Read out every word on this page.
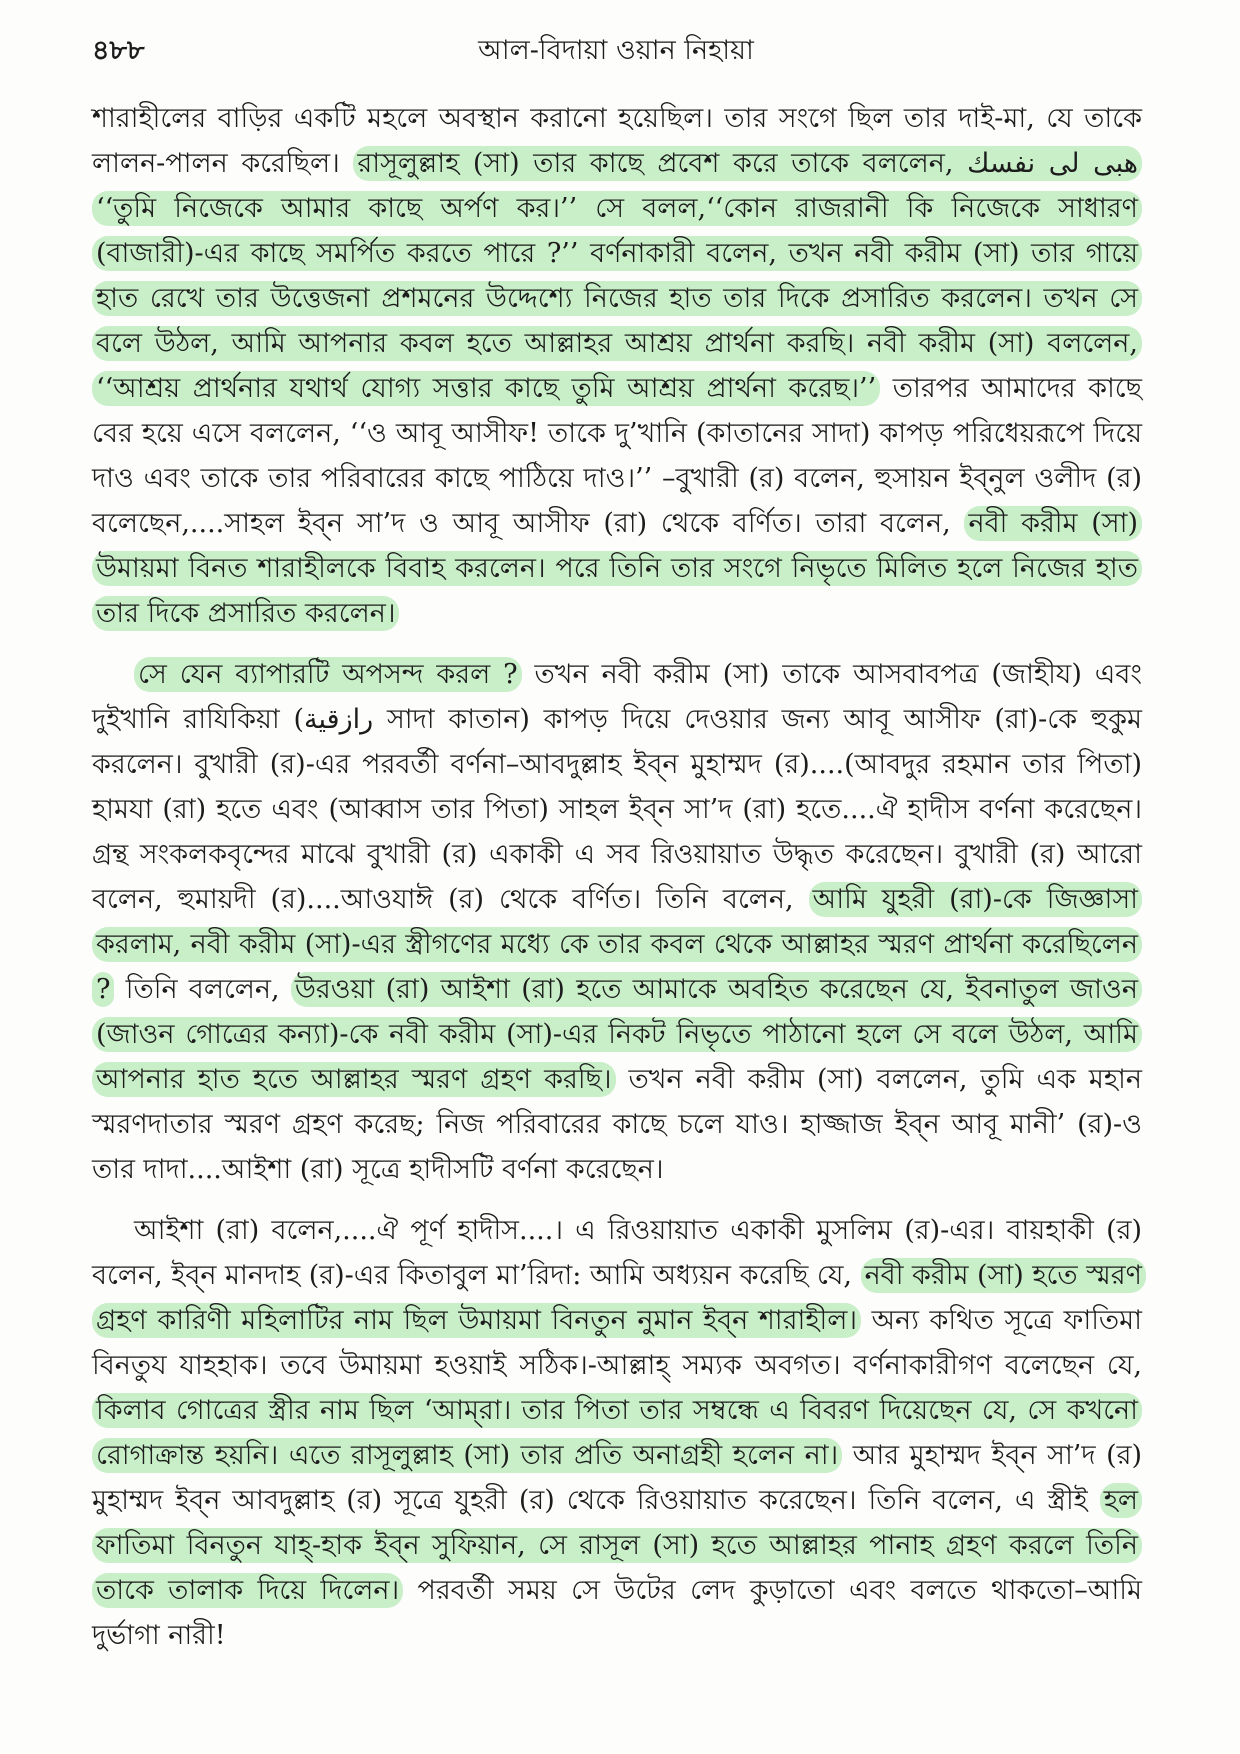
৪৮৮	আল-বিদায়া ওয়ান নিহায়া

শারাহীলের বাড়ির একটি মহলে অবস্থান করানো হয়েছিল। তার সংগে ছিল তার দাই-মা, যে তাকে লালন-পালন করেছিল। রাসূলুল্লাহ (সা) তার কাছে প্রবেশ করে তাকে বললেন, هبى لى نفسك ‘‘তুমি নিজেকে আমার কাছে অর্পণ কর।’’ সে বলল,‘‘কোন রাজরানী কি নিজেকে সাধারণ (বাজারী)-এর কাছে সমর্পিত করতে পারে ?’’ বর্ণনাকারী বলেন, তখন নবী করীম (সা) তার গায়ে হাত রেখে তার উত্তেজনা প্রশমনের উদ্দেশ্যে নিজের হাত তার দিকে প্রসারিত করলেন। তখন সে বলে উঠল, আমি আপনার কবল হতে আল্লাহর আশ্রয় প্রার্থনা করছি। নবী করীম (সা) বললেন, ‘‘আশ্রয় প্রার্থনার যথার্থ যোগ্য সত্তার কাছে তুমি আশ্রয় প্রার্থনা করেছ।’’ তারপর আমাদের কাছে বের হয়ে এসে বললেন, ‘‘ও আবূ আসীফ! তাকে দু’খানি (কাতানের সাদা) কাপড় পরিধেয়রূপে দিয়ে দাও এবং তাকে তার পরিবারের কাছে পাঠিয়ে দাও।’’ –বুখারী (র) বলেন, হুসায়ন ইব্‌নুল ওলীদ (র) বলেছেন,....সাহল ইব্‌ন সা’দ ও আবূ আসীফ (রা) থেকে বর্ণিত। তারা বলেন, নবী করীম (সা) উমায়মা বিনত শারাহীলকে বিবাহ করলেন। পরে তিনি তার সংগে নিভৃতে মিলিত হলে নিজের হাত তার দিকে প্রসারিত করলেন।

সে যেন ব্যাপারটি অপসন্দ করল ? তখন নবী করীম (সা) তাকে আসবাবপত্র (জাহীয) এবং দুইখানি রাযিকিয়া (رازقية সাদা কাতান) কাপড় দিয়ে দেওয়ার জন্য আবূ আসীফ (রা)-কে হুকুম করলেন। বুখারী (র)-এর পরবর্তী বর্ণনা–আবদুল্লাহ ইব্‌ন মুহাম্মদ (র)....(আবদুর রহমান তার পিতা) হামযা (রা) হতে এবং (আব্বাস তার পিতা) সাহল ইব্‌ন সা’দ (রা) হতে....ঐ হাদীস বর্ণনা করেছেন। গ্রন্থ সংকলকবৃন্দের মাঝে বুখারী (র) একাকী এ সব রিওয়ায়াত উদ্ধৃত করেছেন। বুখারী (র) আরো বলেন, হুমায়দী (র)....আওযাঈ (র) থেকে বর্ণিত। তিনি বলেন, আমি যুহরী (রা)-কে জিজ্ঞাসা করলাম, নবী করীম (সা)-এর স্ত্রীগণের মধ্যে কে তার কবল থেকে আল্লাহর স্মরণ প্রার্থনা করেছিলেন ? তিনি বললেন, উরওয়া (রা) আইশা (রা) হতে আমাকে অবহিত করেছেন যে, ইবনাতুল জাওন (জাওন গোত্রের কন্যা)-কে নবী করীম (সা)-এর নিকট নিভৃতে পাঠানো হলে সে বলে উঠল, আমি আপনার হাত হতে আল্লাহর স্মরণ গ্রহণ করছি। তখন নবী করীম (সা) বললেন, তুমি এক মহান স্মরণদাতার স্মরণ গ্রহণ করেছ; নিজ পরিবারের কাছে চলে যাও। হাজ্জাজ ইব্‌ন আবূ মানী’ (র)-ও তার দাদা....আইশা (রা) সূত্রে হাদীসটি বর্ণনা করেছেন।

আইশা (রা) বলেন,....ঐ পূর্ণ হাদীস....। এ রিওয়ায়াত একাকী মুসলিম (র)-এর। বায়হাকী (র) বলেন, ইব্‌ন মানদাহ (র)-এর কিতাবুল মা’রিদা: আমি অধ্যয়ন করেছি যে, নবী করীম (সা) হতে স্মরণ গ্রহণ কারিণী মহিলাটির নাম ছিল উমায়মা বিনতুন নুমান ইব্‌ন শারাহীল। অন্য কথিত সূত্রে ফাতিমা বিনতুয যাহহাক। তবে উমায়মা হওয়াই সঠিক।-আল্লাহ্ সম্যক অবগত। বর্ণনাকারীগণ বলেছেন যে, কিলাব গোত্রের স্ত্রীর নাম ছিল ‘আম্‌রা। তার পিতা তার সম্বন্ধে এ বিবরণ দিয়েছেন যে, সে কখনো রোগাক্রান্ত হয়নি। এতে রাসূলুল্লাহ (সা) তার প্রতি অনাগ্রহী হলেন না। আর মুহাম্মদ ইব্‌ন সা’দ (র) মুহাম্মদ ইব্‌ন আবদুল্লাহ (র) সূত্রে যুহরী (র) থেকে রিওয়ায়াত করেছেন। তিনি বলেন, এ স্ত্রীই হল ফাতিমা বিনতুন যাহ্‌-হাক ইব্‌ন সুফিয়ান, সে রাসূল (সা) হতে আল্লাহর পানাহ গ্রহণ করলে তিনি তাকে তালাক দিয়ে দিলেন। পরবর্তী সময় সে উটের লেদ কুড়াতো এবং বলতে থাকতো–আমি দুর্ভাগা নারী!
